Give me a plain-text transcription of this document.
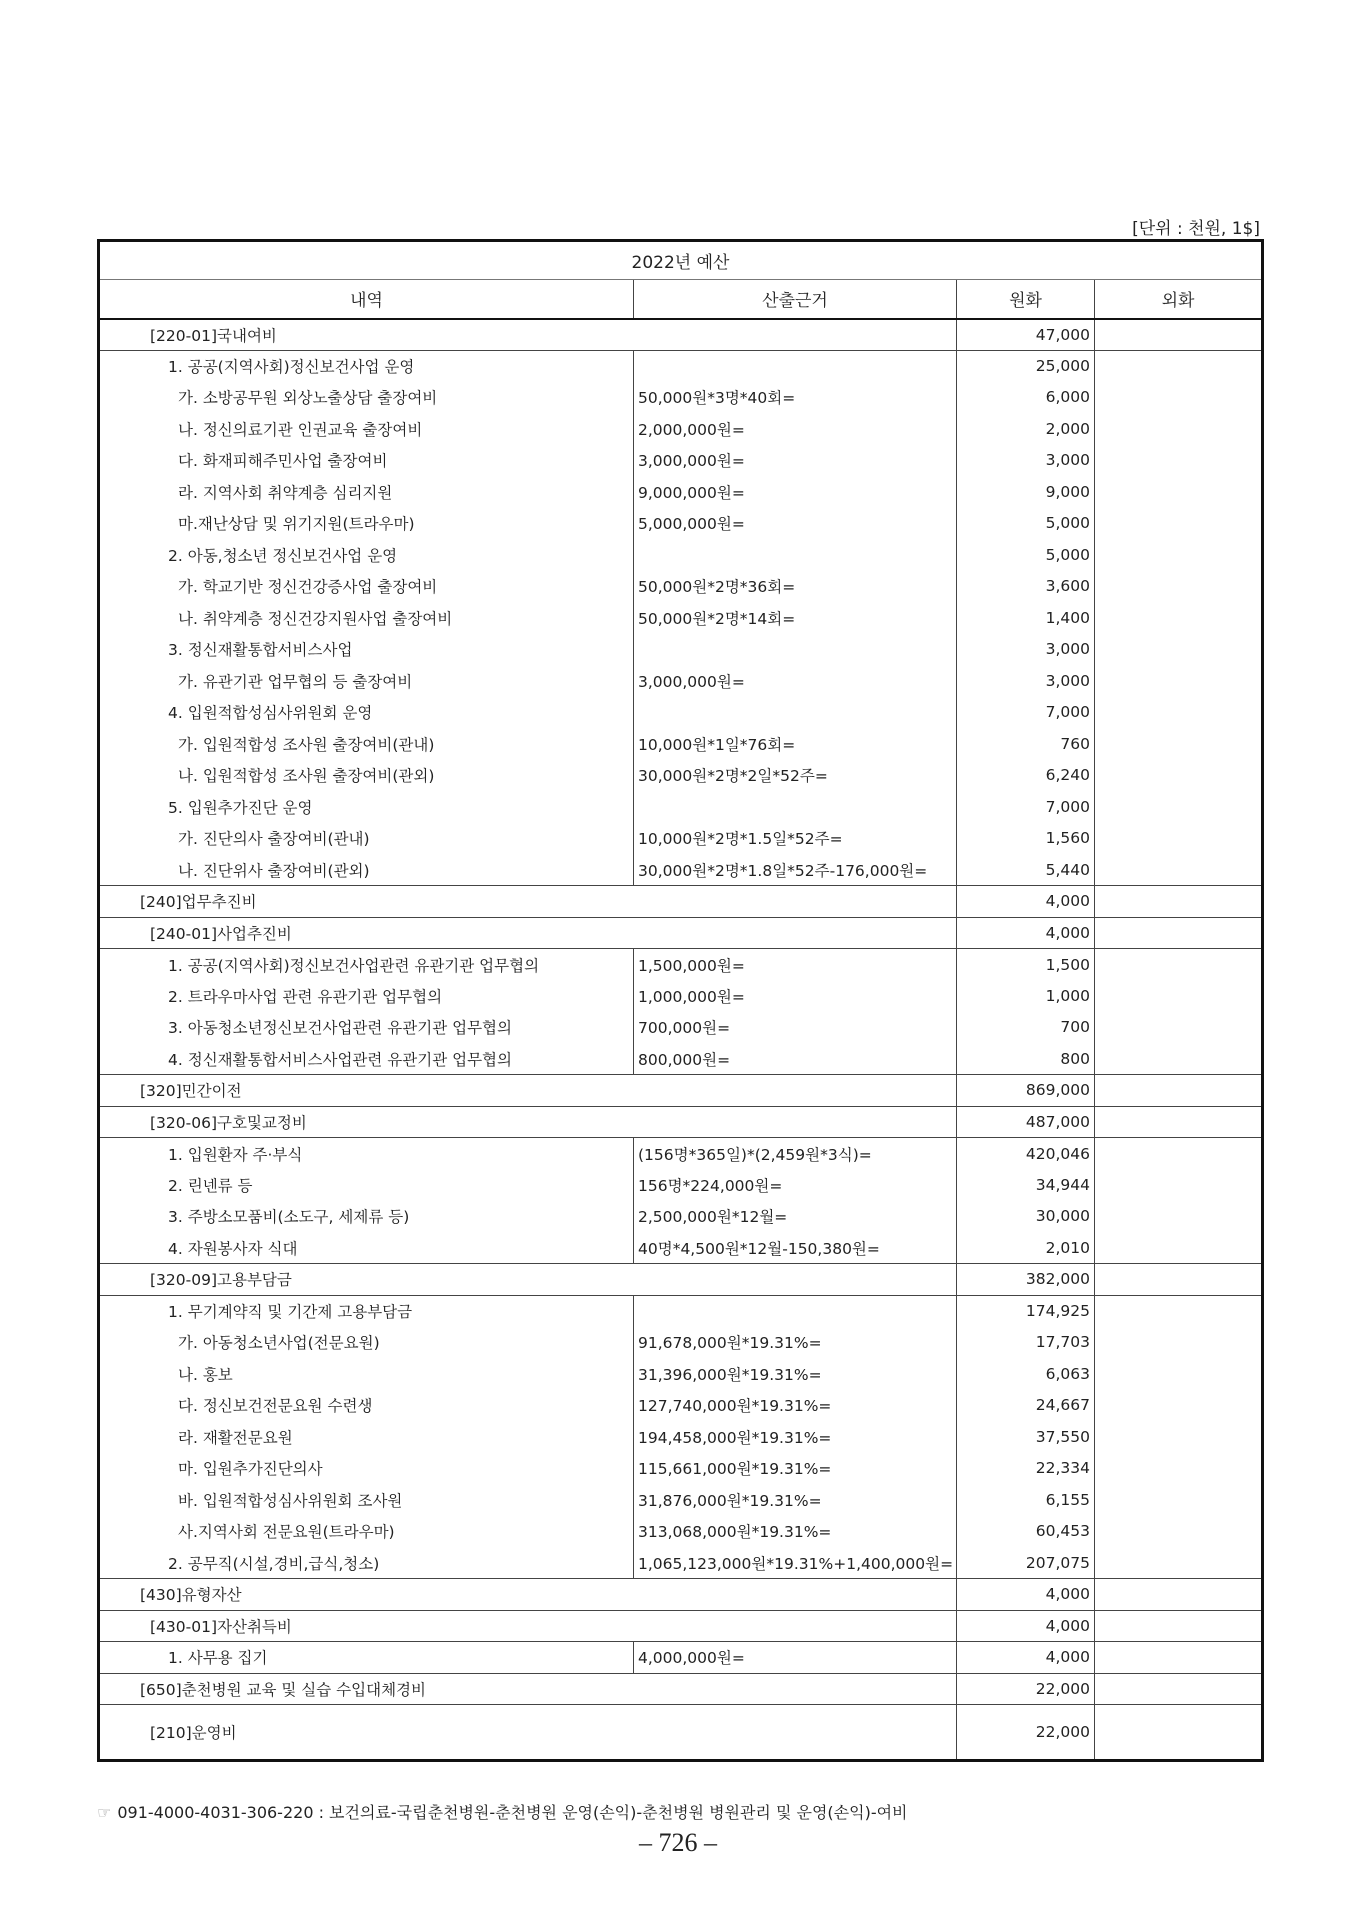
[단위 : 천원, 1$]
2022년 예산			
내역	산출근거	원화	외화
[220-01]국내여비		47,000	
1. 공공(지역사회)정신보건사업 운영		25,000	
가. 소방공무원 외상노출상담 출장여비	50,000원*3명*40회=	6,000	
나. 정신의료기관 인권교육 출장여비	2,000,000원=	2,000	
다. 화재피해주민사업 출장여비	3,000,000원=	3,000	
라. 지역사회 취약계층 심리지원	9,000,000원=	9,000	
마.재난상담 및 위기지원(트라우마)	5,000,000원=	5,000	
2. 아동,청소년 정신보건사업 운영		5,000	
가. 학교기반 정신건강증사업 출장여비	50,000원*2명*36회=	3,600	
나. 취약계층 정신건강지원사업 출장여비	50,000원*2명*14회=	1,400	
3. 정신재활통합서비스사업		3,000	
가. 유관기관 업무협의 등 출장여비	3,000,000원=	3,000	
4. 입원적합성심사위원회 운영		7,000	
가. 입원적합성 조사원 출장여비(관내)	10,000원*1일*76회=	760	
나. 입원적합성 조사원 출장여비(관외)	30,000원*2명*2일*52주=	6,240	
5. 입원추가진단 운영		7,000	
가. 진단의사 출장여비(관내)	10,000원*2명*1.5일*52주=	1,560	
나. 진단위사 출장여비(관외)	30,000원*2명*1.8일*52주-176,000원=	5,440	
[240]업무추진비		4,000	
[240-01]사업추진비		4,000	
1. 공공(지역사회)정신보건사업관련 유관기관 업무협의	1,500,000원=	1,500	
2. 트라우마사업 관련 유관기관 업무협의	1,000,000원=	1,000	
3. 아동청소년정신보건사업관련 유관기관 업무협의	700,000원=	700	
4. 정신재활통합서비스사업관련 유관기관 업무협의	800,000원=	800	
[320]민간이전		869,000	
[320-06]구호및교정비		487,000	
1. 입원환자 주·부식	(156명*365일)*(2,459원*3식)=	420,046	
2. 린넨류 등	156명*224,000원=	34,944	
3. 주방소모품비(소도구, 세제류 등)	2,500,000원*12월=	30,000	
4. 자원봉사자 식대	40명*4,500원*12월-150,380원=	2,010	
[320-09]고용부담금		382,000	
1. 무기계약직 및 기간제 고용부담금		174,925	
가. 아동청소년사업(전문요원)	91,678,000원*19.31%=	17,703	
나. 홍보	31,396,000원*19.31%=	6,063	
다. 정신보건전문요원 수련생	127,740,000원*19.31%=	24,667	
라. 재활전문요원	194,458,000원*19.31%=	37,550	
마. 입원추가진단의사	115,661,000원*19.31%=	22,334	
바. 입원적합성심사위원회 조사원	31,876,000원*19.31%=	6,155	
사.지역사회 전문요원(트라우마)	313,068,000원*19.31%=	60,453	
2. 공무직(시설,경비,급식,청소)	1,065,123,000원*19.31%+1,400,000원=	207,075	
[430]유형자산		4,000	
[430-01]자산취득비		4,000	
1. 사무용 집기	4,000,000원=	4,000	
[650]춘천병원 교육 및 실습 수입대체경비		22,000	
[210]운영비		22,000	
☞ 091-4000-4031-306-220 : 보건의료-국립춘천병원-춘천병원 운영(손익)-춘천병원 병원관리 및 운영(손익)-여비
– 726 –
